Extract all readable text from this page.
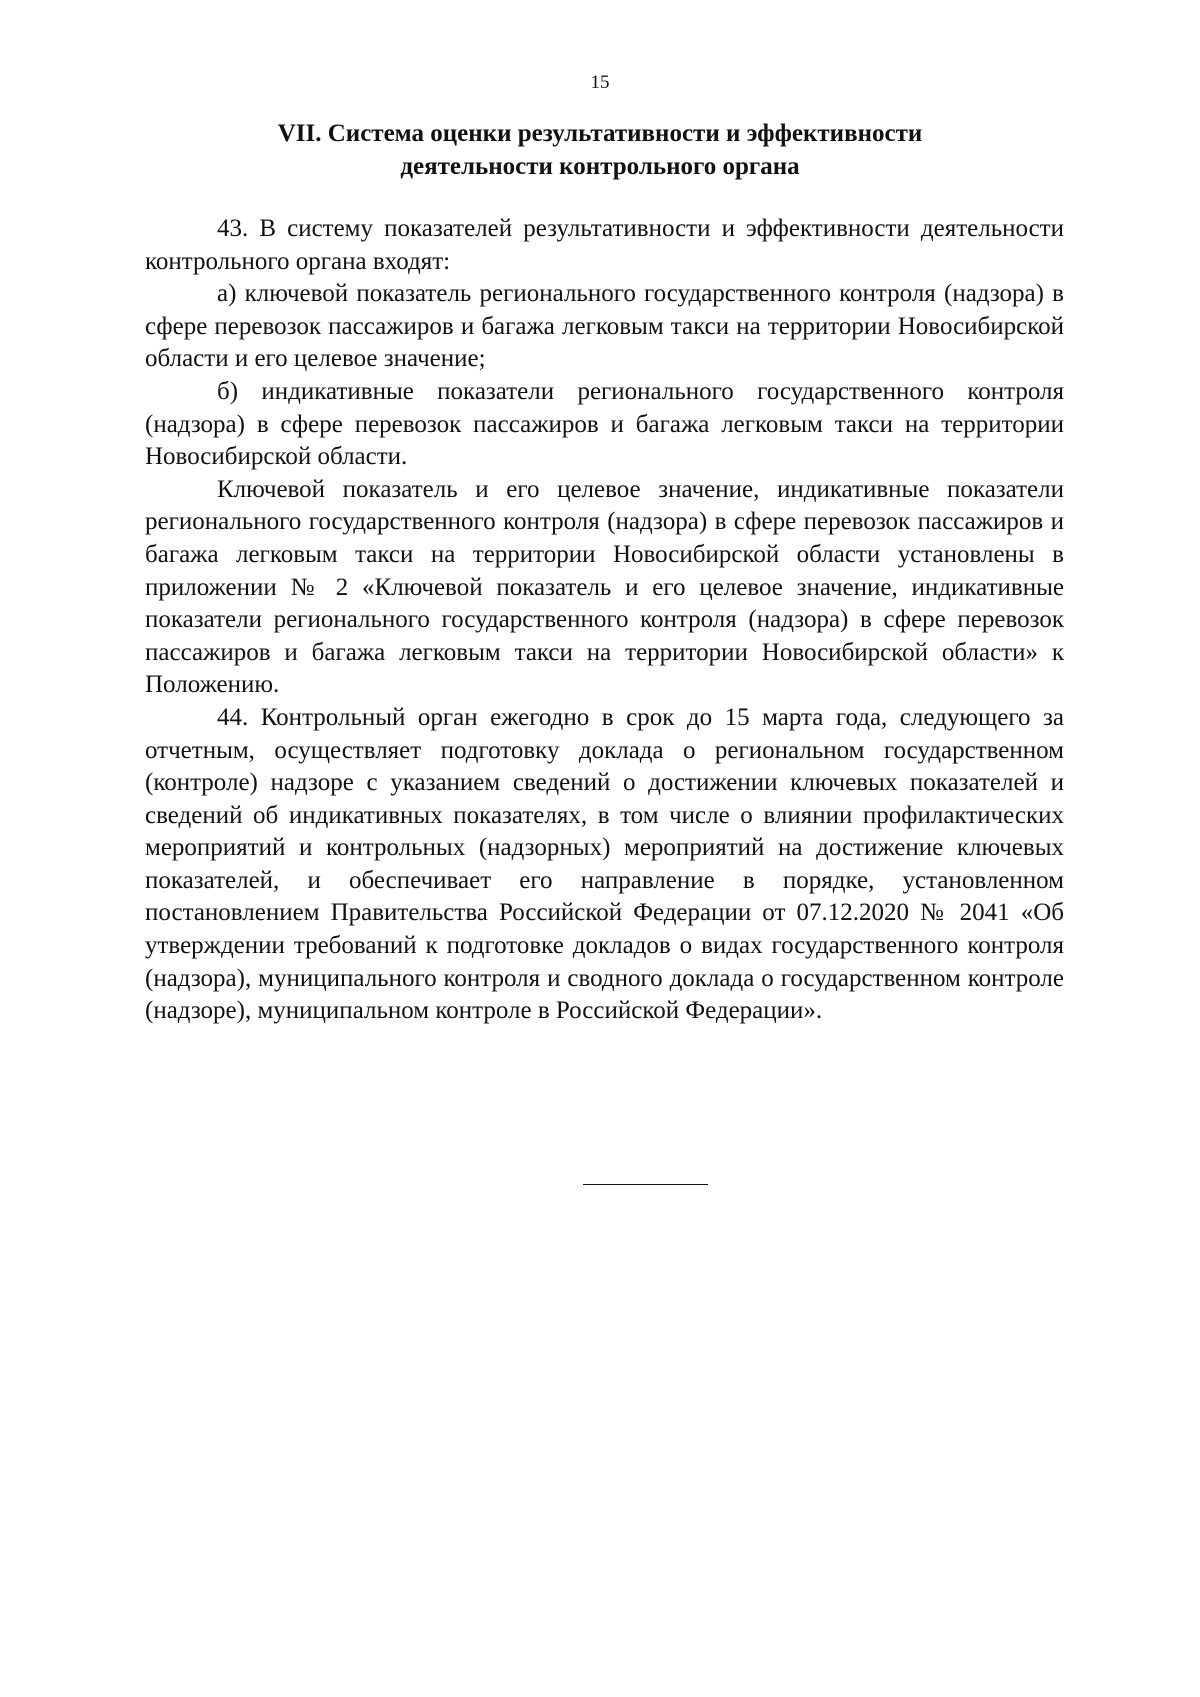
15
VII. Система оценки результативности и эффективности
деятельности контрольного органа

43. В систему показателей результативности и эффективности деятельности контрольного органа входят:

а) ключевой показатель регионального государственного контроля (надзора) в сфере перевозок пассажиров и багажа легковым такси на территории Новосибирской области и его целевое значение;

б) индикативные показатели регионального государственного контроля (надзора) в сфере перевозок пассажиров и багажа легковым такси на территории Новосибирской области.

Ключевой показатель и его целевое значение, индикативные показатели регионального государственного контроля (надзора) в сфере перевозок пассажиров и багажа легковым такси на территории Новосибирской области установлены в приложении № 2 «Ключевой показатель и его целевое значение, индикативные показатели регионального государственного контроля (надзора) в сфере перевозок пассажиров и багажа легковым такси на территории Новосибирской области» к Положению.

44. Контрольный орган ежегодно в срок до 15 марта года, следующего за отчетным, осуществляет подготовку доклада о региональном государственном (контроле) надзоре с указанием сведений о достижении ключевых показателей и сведений об индикативных показателях, в том числе о влиянии профилактических мероприятий и контрольных (надзорных) мероприятий на достижение ключевых показателей, и обеспечивает его направление в порядке, установленном постановлением Правительства Российской Федерации от 07.12.2020 № 2041 «Об утверждении требований к подготовке докладов о видах государственного контроля (надзора), муниципального контроля и сводного доклада о государственном контроле (надзоре), муниципальном контроле в Российской Федерации».
